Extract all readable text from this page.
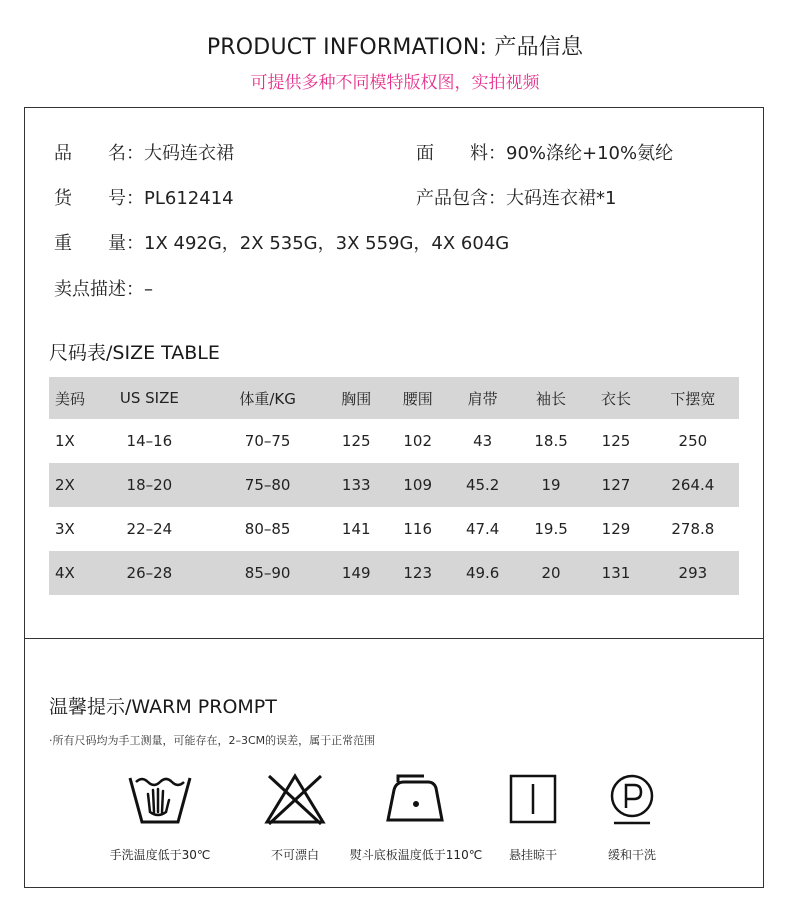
PRODUCT INFORMATION: 产品信息
可提供多种不同模特版权图，实拍视频
品　　名：大码连衣裙	面　　料：90%涤纶+10%氨纶
货　　号：PL612414	产品包含：大码连衣裙*1
重　　量：1X 492G，2X 535G，3X 559G，4X 604G
卖点描述：–
尺码表/SIZE TABLE
美码	US SIZE	体重/KG	胸围	腰围	肩带	袖长	衣长	下摆宽
1X	14–16	70–75	125	102	43	18.5	125	250
2X	18–20	75–80	133	109	45.2	19	127	264.4
3X	22–24	80–85	141	116	47.4	19.5	129	278.8
4X	26–28	85–90	149	123	49.6	20	131	293
温馨提示/WARM PROMPT
·所有尺码均为手工测量，可能存在，2–3CM的误差，属于正常范围
手洗温度低于30℃	不可漂白	熨斗底板温度低于110℃	悬挂晾干	缓和干洗
